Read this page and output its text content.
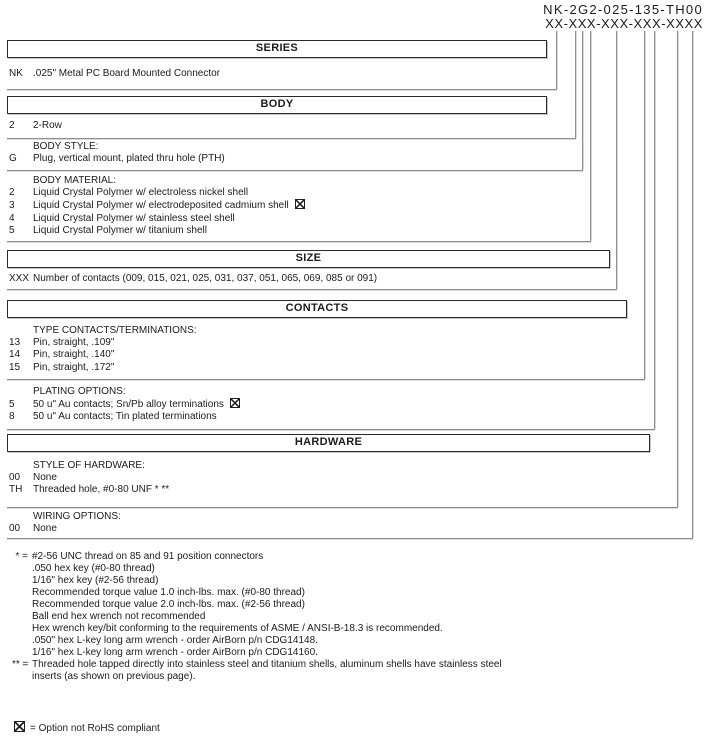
NK-2G2-025-135-TH00
XX-XXX-XXX-XXX-XXXX
SERIES
BODY
SIZE
CONTACTS
HARDWARE
NK .025" Metal PC Board Mounted Connector
2 2-Row
BODY STYLE:
G Plug, vertical mount, plated thru hole (PTH)
BODY MATERIAL:
2 Liquid Crystal Polymer w/ electroless nickel shell
3 Liquid Crystal Polymer w/ electrodeposited cadmium shell
4 Liquid Crystal Polymer w/ stainless steel shell
5 Liquid Crystal Polymer w/ titanium shell
XXX Number of contacts (009, 015, 021, 025, 031, 037, 051, 065, 069, 085 or 091)
TYPE CONTACTS/TERMINATIONS:
13 Pin, straight, .109"
14 Pin, straight, .140"
15 Pin, straight, .172"
PLATING OPTIONS:
5 50 u" Au contacts; Sn/Pb alloy terminations
8 50 u" Au contacts; Tin plated terminations
STYLE OF HARDWARE:
00 None
TH Threaded hole, #0-80 UNF * **
WIRING OPTIONS:
00 None
* = #2-56 UNC thread on 85 and 91 position connectors
.050 hex key (#0-80 thread)
1/16" hex key (#2-56 thread)
Recommended torque value 1.0 inch-lbs. max. (#0-80 thread)
Recommended torque value 2.0 inch-lbs. max. (#2-56 thread)
Ball end hex wrench not recommended
Hex wrench key/bit conforming to the requirements of ASME / ANSI-B-18.3 is recommended.
.050" hex L-key long arm wrench - order AirBorn p/n CDG14148.
1/16" hex L-key long arm wrench - order AirBorn p/n CDG14160.
** = Threaded hole tapped directly into stainless steel and titanium shells, aluminum shells have stainless steel
inserts (as shown on previous page).
= Option not RoHS compliant
